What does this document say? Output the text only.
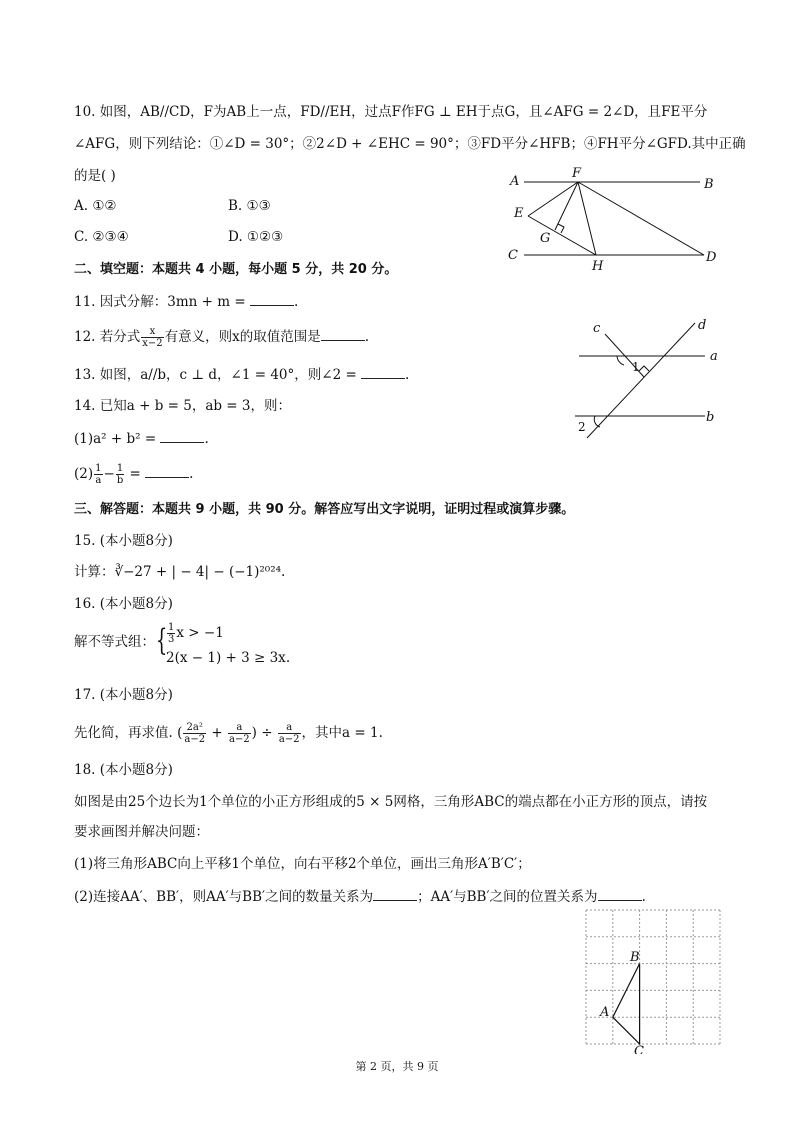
10. 如图，AB//CD，F为AB上一点，FD//EH，过点F作FG ⊥ EH于点G，且∠AFG = 2∠D，且FE平分
∠AFG，则下列结论：①∠D = 30°；②2∠D + ∠EHC = 90°；③FD平分∠HFB；④FH平分∠GFD.其中正确
的是( )
A. ①②	B. ①③
C. ②③④	D. ①②③
A	B
C	D
E
F
G
H
二、填空题：本题共 4 小题，每小题 5 分，共 20 分。
11. 因式分解：3mn + m =	.
12. 若分式 $\frac{x}{x-2}$ 有意义，则x的取值范围是	.
13. 如图，a//b，c ⊥ d，∠1 = 40°，则∠2 =	.
c	d
a
b
1
2
14. 已知a + b = 5，ab = 3，则：
(1)a² + b² =	.
$(2) \frac{1}{a} - \frac{1}{b}$ =	.
三、解答题：本题共 9 小题，共 90 分。解答应写出文字说明，证明过程或演算步骤。
15. (本小题8分)
计算：∛−27 + | − 4| − (−1)²⁰²⁴.
16. (本小题8分)
解不等式组： { $\frac{1}{3}$ x > −1
2(x − 1) + 3 ≥ 3x.
17. (本小题8分)
先化简，再求值. ( $\frac{\text{2a²}}{a-2} + \frac{a}{a-2}$ ) ÷ $\frac{a}{a-2}$ ，其中a = 1.
18. (本小题8分)
如图是由25个边长为1个单位的小正方形组成的5 × 5网格，三角形ABC的端点都在小正方形的顶点，请按
要求画图并解决问题：
(1)将三角形ABC向上平移1个单位，向右平移2个单位，画出三角形A′B′C′；
(2)连接AA′、BB′，则AA′与BB′之间的数量关系为	；AA′与BB′之间的位置关系为	.
A
B
C
第 2 页，共 9 页
